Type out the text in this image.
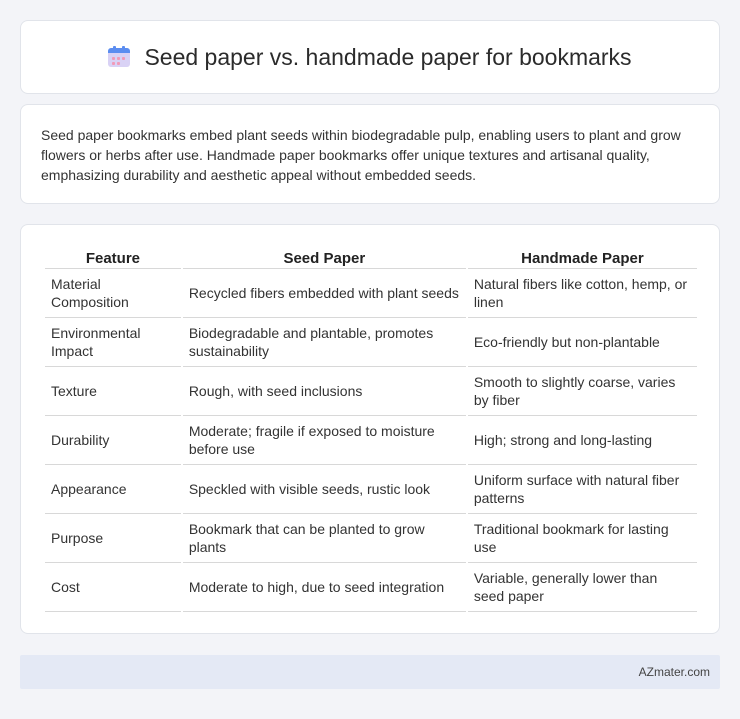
Seed paper vs. handmade paper for bookmarks

Seed paper bookmarks embed plant seeds within biodegradable pulp, enabling users to plant and grow flowers or herbs after use. Handmade paper bookmarks offer unique textures and artisanal quality, emphasizing durability and aesthetic appeal without embedded seeds.

Feature	Seed Paper	Handmade Paper
Material Composition	Recycled fibers embedded with plant seeds	Natural fibers like cotton, hemp, or linen
Environmental Impact	Biodegradable and plantable, promotes sustainability	Eco-friendly but non-plantable
Texture	Rough, with seed inclusions	Smooth to slightly coarse, varies by fiber
Durability	Moderate; fragile if exposed to moisture before use	High; strong and long-lasting
Appearance	Speckled with visible seeds, rustic look	Uniform surface with natural fiber patterns
Purpose	Bookmark that can be planted to grow plants	Traditional bookmark for lasting use
Cost	Moderate to high, due to seed integration	Variable, generally lower than seed paper
AZmater.com
